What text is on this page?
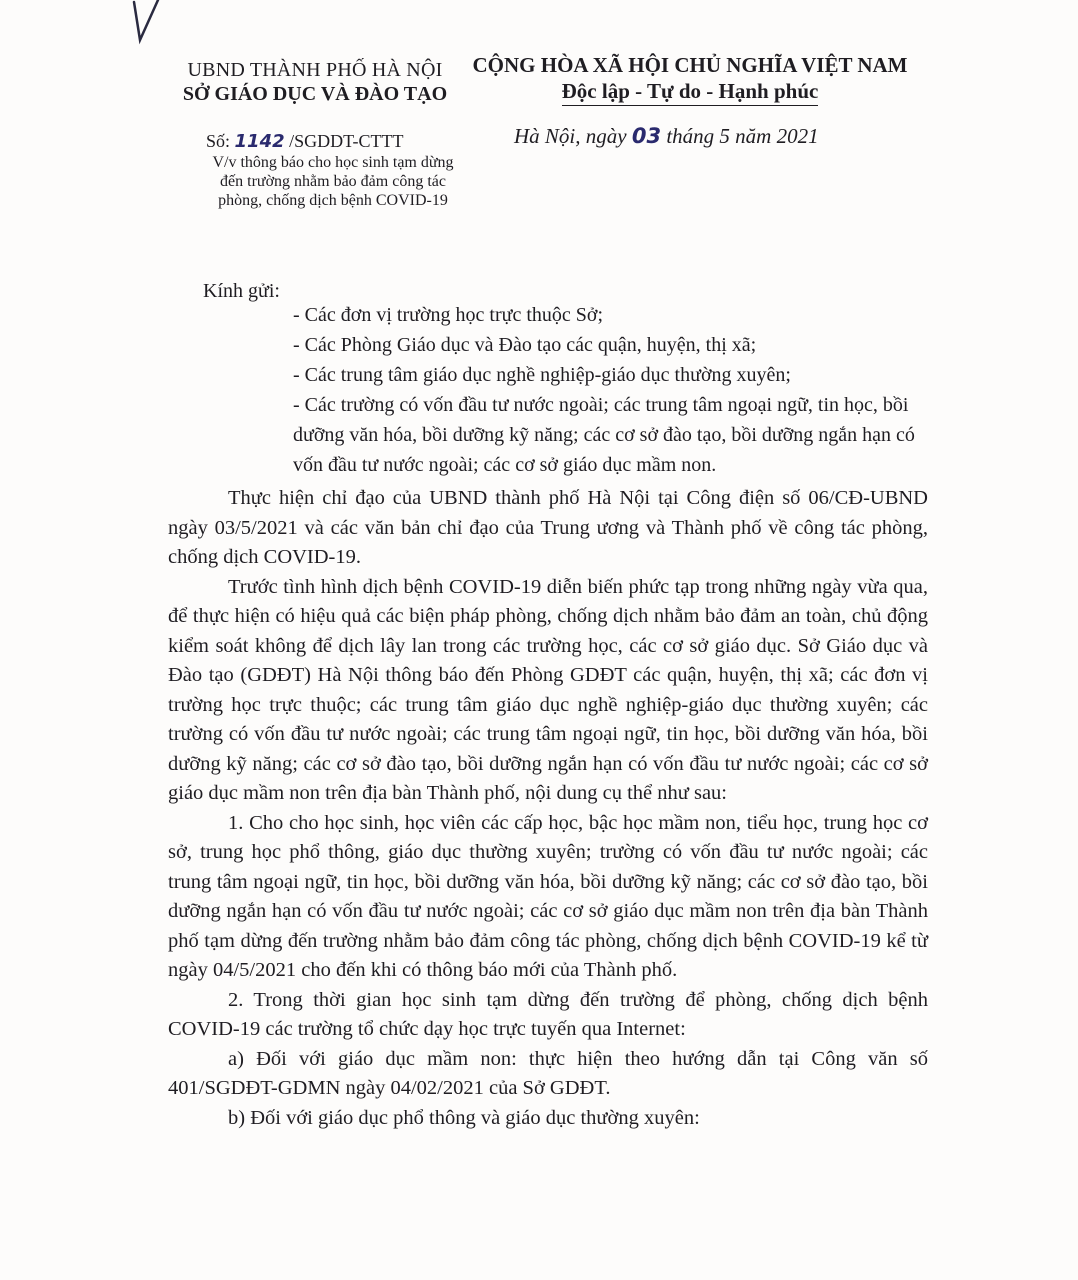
UBND THÀNH PHỐ HÀ NỘI
SỞ GIÁO DỤC VÀ ĐÀO TẠO
CỘNG HÒA XÃ HỘI CHỦ NGHĨA VIỆT NAM
Độc lập - Tự do - Hạnh phúc
Số: 1142 /SGDDT-CTTT
V/v thông báo cho học sinh tạm dừng đến trường nhằm bảo đảm công tác phòng, chống dịch bệnh COVID-19
Hà Nội, ngày 03 tháng 5 năm 2021
Kính gửi:
- Các đơn vị trường học trực thuộc Sở;
- Các Phòng Giáo dục và Đào tạo các quận, huyện, thị xã;
- Các trung tâm giáo dục nghề nghiệp-giáo dục thường xuyên;
- Các trường có vốn đầu tư nước ngoài; các trung tâm ngoại ngữ, tin học, bồi dưỡng văn hóa, bồi dưỡng kỹ năng; các cơ sở đào tạo, bồi dưỡng ngắn hạn có vốn đầu tư nước ngoài; các cơ sở giáo dục mầm non.

Thực hiện chỉ đạo của UBND thành phố Hà Nội tại Công điện số 06/CĐ-UBND ngày 03/5/2021 và các văn bản chỉ đạo của Trung ương và Thành phố về công tác phòng, chống dịch COVID-19.

Trước tình hình dịch bệnh COVID-19 diễn biến phức tạp trong những ngày vừa qua, để thực hiện có hiệu quả các biện pháp phòng, chống dịch nhằm bảo đảm an toàn, chủ động kiểm soát không để dịch lây lan trong các trường học, các cơ sở giáo dục. Sở Giáo dục và Đào tạo (GDĐT) Hà Nội thông báo đến Phòng GDĐT các quận, huyện, thị xã; các đơn vị trường học trực thuộc; các trung tâm giáo dục nghề nghiệp-giáo dục thường xuyên; các trường có vốn đầu tư nước ngoài; các trung tâm ngoại ngữ, tin học, bồi dưỡng văn hóa, bồi dưỡng kỹ năng; các cơ sở đào tạo, bồi dưỡng ngắn hạn có vốn đầu tư nước ngoài; các cơ sở giáo dục mầm non trên địa bàn Thành phố, nội dung cụ thể như sau:

1. Cho cho học sinh, học viên các cấp học, bậc học mầm non, tiểu học, trung học cơ sở, trung học phổ thông, giáo dục thường xuyên; trường có vốn đầu tư nước ngoài; các trung tâm ngoại ngữ, tin học, bồi dưỡng văn hóa, bồi dưỡng kỹ năng; các cơ sở đào tạo, bồi dưỡng ngắn hạn có vốn đầu tư nước ngoài; các cơ sở giáo dục mầm non trên địa bàn Thành phố tạm dừng đến trường nhằm bảo đảm công tác phòng, chống dịch bệnh COVID-19 kể từ ngày 04/5/2021 cho đến khi có thông báo mới của Thành phố.

2. Trong thời gian học sinh tạm dừng đến trường để phòng, chống dịch bệnh COVID-19 các trường tổ chức dạy học trực tuyến qua Internet:

a) Đối với giáo dục mầm non: thực hiện theo hướng dẫn tại Công văn số 401/SGDĐT-GDMN ngày 04/02/2021 của Sở GDĐT.

b) Đối với giáo dục phổ thông và giáo dục thường xuyên:
